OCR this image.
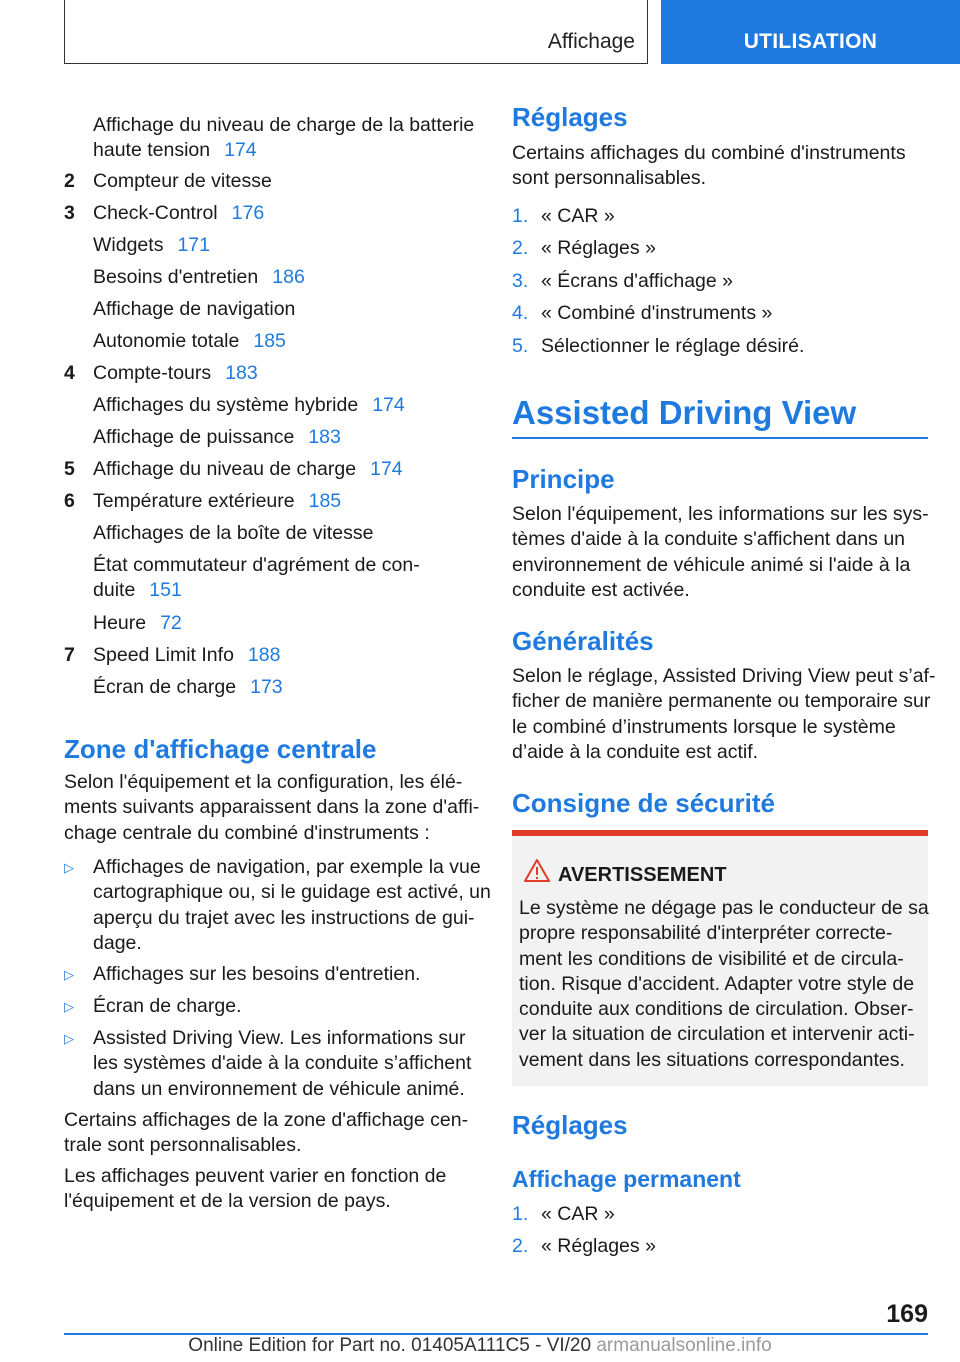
Affichage	UTILISATION
Affichage du niveau de charge de la batterie
haute tension 174
2 Compteur de vitesse
3 Check-Control 176
Widgets 171
Besoins d'entretien 186
Affichage de navigation
Autonomie totale 185
4 Compte-tours 183
Affichages du système hybride 174
Affichage de puissance 183
5 Affichage du niveau de charge 174
6 Température extérieure 185
Affichages de la boîte de vitesse
État commutateur d'agrément de con-
duite 151
Heure 72
7 Speed Limit Info 188
Écran de charge 173
Zone d'affichage centrale
Selon l'équipement et la configuration, les élé-
ments suivants apparaissent dans la zone d'affi-
chage centrale du combiné d'instruments :
▷ Affichages de navigation, par exemple la vue
cartographique ou, si le guidage est activé, un
aperçu du trajet avec les instructions de gui-
dage.
▷ Affichages sur les besoins d'entretien.
▷ Écran de charge.
▷ Assisted Driving View. Les informations sur
les systèmes d'aide à la conduite s’affichent
dans un environnement de véhicule animé.
Certains affichages de la zone d'affichage cen-
trale sont personnalisables.
Les affichages peuvent varier en fonction de
l'équipement et de la version de pays.
Réglages
Certains affichages du combiné d'instruments
sont personnalisables.
1. « CAR »
2. « Réglages »
3. « Écrans d'affichage »
4. « Combiné d'instruments »
5. Sélectionner le réglage désiré.
Assisted Driving View
Principe
Selon l'équipement, les informations sur les sys-
tèmes d'aide à la conduite s'affichent dans un
environnement de véhicule animé si l'aide à la
conduite est activée.
Généralités
Selon le réglage, Assisted Driving View peut s’af-
ficher de manière permanente ou temporaire sur
le combiné d’instruments lorsque le système
d’aide à la conduite est actif.
Consigne de sécurité
AVERTISSEMENT
Le système ne dégage pas le conducteur de sa
propre responsabilité d'interpréter correcte-
ment les conditions de visibilité et de circula-
tion. Risque d'accident. Adapter votre style de
conduite aux conditions de circulation. Obser-
ver la situation de circulation et intervenir acti-
vement dans les situations correspondantes.
Réglages
Affichage permanent
1. « CAR »
2. « Réglages »
169
Online Edition for Part no. 01405A111C5 - VI/20 armanualsonline.info
